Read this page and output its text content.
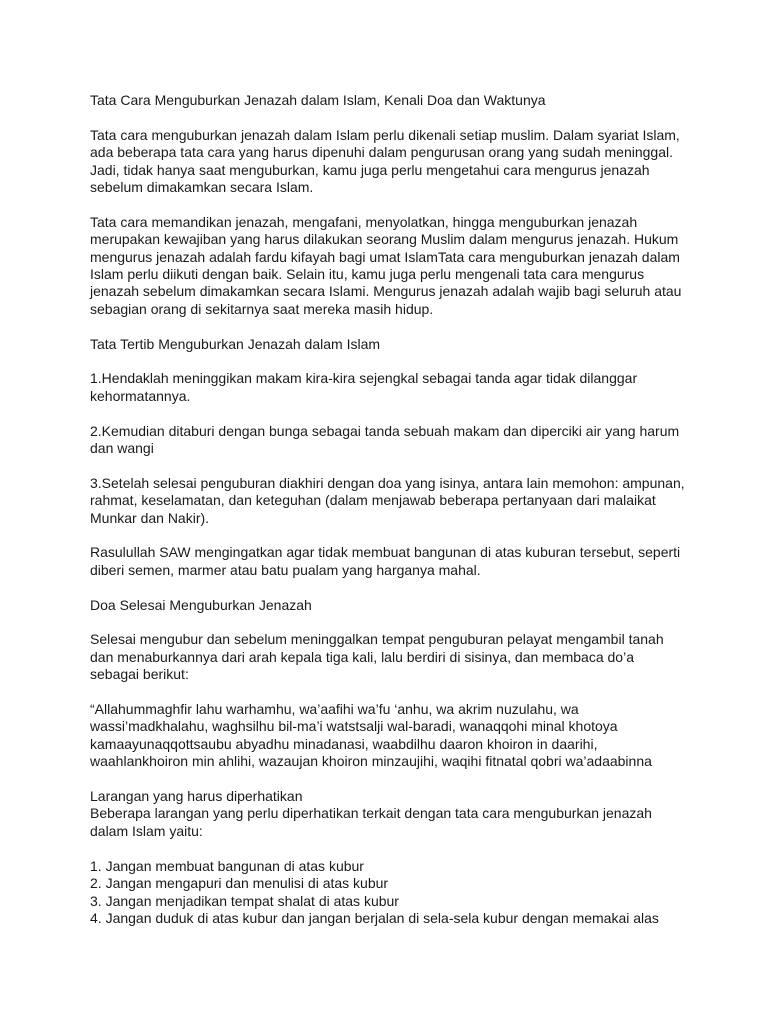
Tata Cara Menguburkan Jenazah dalam Islam, Kenali Doa dan Waktunya
Tata cara menguburkan jenazah dalam Islam perlu dikenali setiap muslim. Dalam syariat Islam,
ada beberapa tata cara yang harus dipenuhi dalam pengurusan orang yang sudah meninggal.
Jadi, tidak hanya saat menguburkan, kamu juga perlu mengetahui cara mengurus jenazah
sebelum dimakamkan secara Islam.
Tata cara memandikan jenazah, mengafani, menyolatkan, hingga menguburkan jenazah
merupakan kewajiban yang harus dilakukan seorang Muslim dalam mengurus jenazah. Hukum
mengurus jenazah adalah fardu kifayah bagi umat IslamTata cara menguburkan jenazah dalam
Islam perlu diikuti dengan baik. Selain itu, kamu juga perlu mengenali tata cara mengurus
jenazah sebelum dimakamkan secara Islami. Mengurus jenazah adalah wajib bagi seluruh atau
sebagian orang di sekitarnya saat mereka masih hidup.
Tata Tertib Menguburkan Jenazah dalam Islam
1.Hendaklah meninggikan makam kira-kira sejengkal sebagai tanda agar tidak dilanggar
kehormatannya.
2.Kemudian ditaburi dengan bunga sebagai tanda sebuah makam dan diperciki air yang harum
dan wangi
3.Setelah selesai penguburan diakhiri dengan doa yang isinya, antara lain memohon: ampunan,
rahmat, keselamatan, dan keteguhan (dalam menjawab beberapa pertanyaan dari malaikat
Munkar dan Nakir).
Rasulullah SAW mengingatkan agar tidak membuat bangunan di atas kuburan tersebut, seperti
diberi semen, marmer atau batu pualam yang harganya mahal.
Doa Selesai Menguburkan Jenazah
Selesai mengubur dan sebelum meninggalkan tempat penguburan pelayat mengambil tanah
dan menaburkannya dari arah kepala tiga kali, lalu berdiri di sisinya, dan membaca do’a
sebagai berikut:
“Allahummaghfir lahu warhamhu, wa’aafihi wa’fu ‘anhu, wa akrim nuzulahu, wa
wassi’madkhalahu, waghsilhu bil-ma’i watstsalji wal-baradi, wanaqqohi minal khotoya
kamaayunaqqottsaubu abyadhu minadanasi, waabdilhu daaron khoiron in daarihi,
waahlankhoiron min ahlihi, wazaujan khoiron minzaujihi, waqihi fitnatal qobri wa’adaabinna
Larangan yang harus diperhatikan
Beberapa larangan yang perlu diperhatikan terkait dengan tata cara menguburkan jenazah
dalam Islam yaitu:
1. Jangan membuat bangunan di atas kubur
2. Jangan mengapuri dan menulisi di atas kubur
3. Jangan menjadikan tempat shalat di atas kubur
4. Jangan duduk di atas kubur dan jangan berjalan di sela-sela kubur dengan memakai alas
